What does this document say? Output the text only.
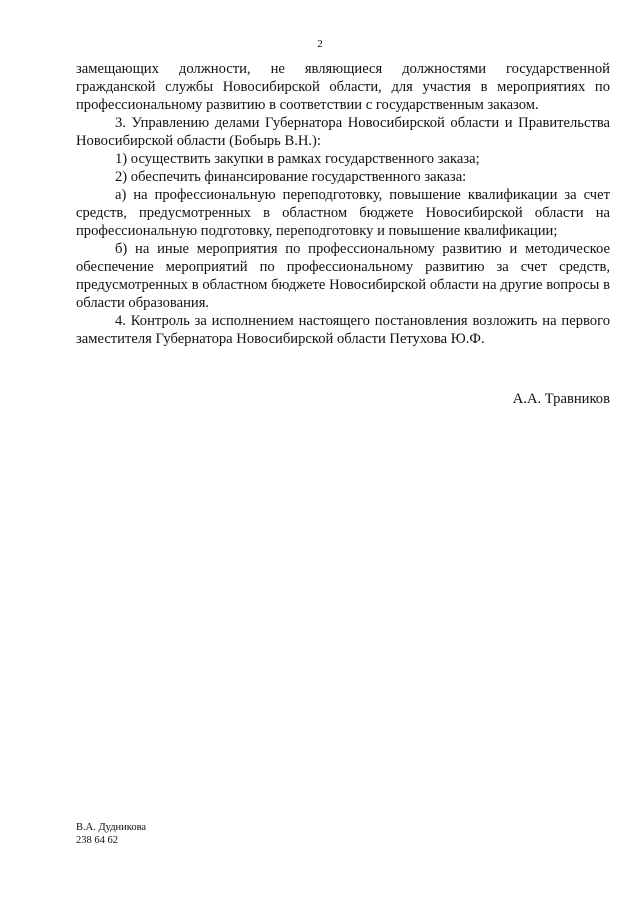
2

замещающих должности, не являющиеся должностями государственной гражданской службы Новосибирской области, для участия в мероприятиях по профессиональному развитию в соответствии с государственным заказом.

3. Управлению делами Губернатора Новосибирской области и Правительства Новосибирской области (Бобырь В.Н.):

1) осуществить закупки в рамках государственного заказа;

2) обеспечить финансирование государственного заказа:

а) на профессиональную переподготовку, повышение квалификации за счет средств, предусмотренных в областном бюджете Новосибирской области на профессиональную подготовку, переподготовку и повышение квалификации;

б) на иные мероприятия по профессиональному развитию и методическое обеспечение мероприятий по профессиональному развитию за счет средств, предусмотренных в областном бюджете Новосибирской области на другие вопросы в области образования.

4. Контроль за исполнением настоящего постановления возложить на первого заместителя Губернатора Новосибирской области Петухова Ю.Ф.

А.А. Травников
В.А. Дудникова
238 64 62
